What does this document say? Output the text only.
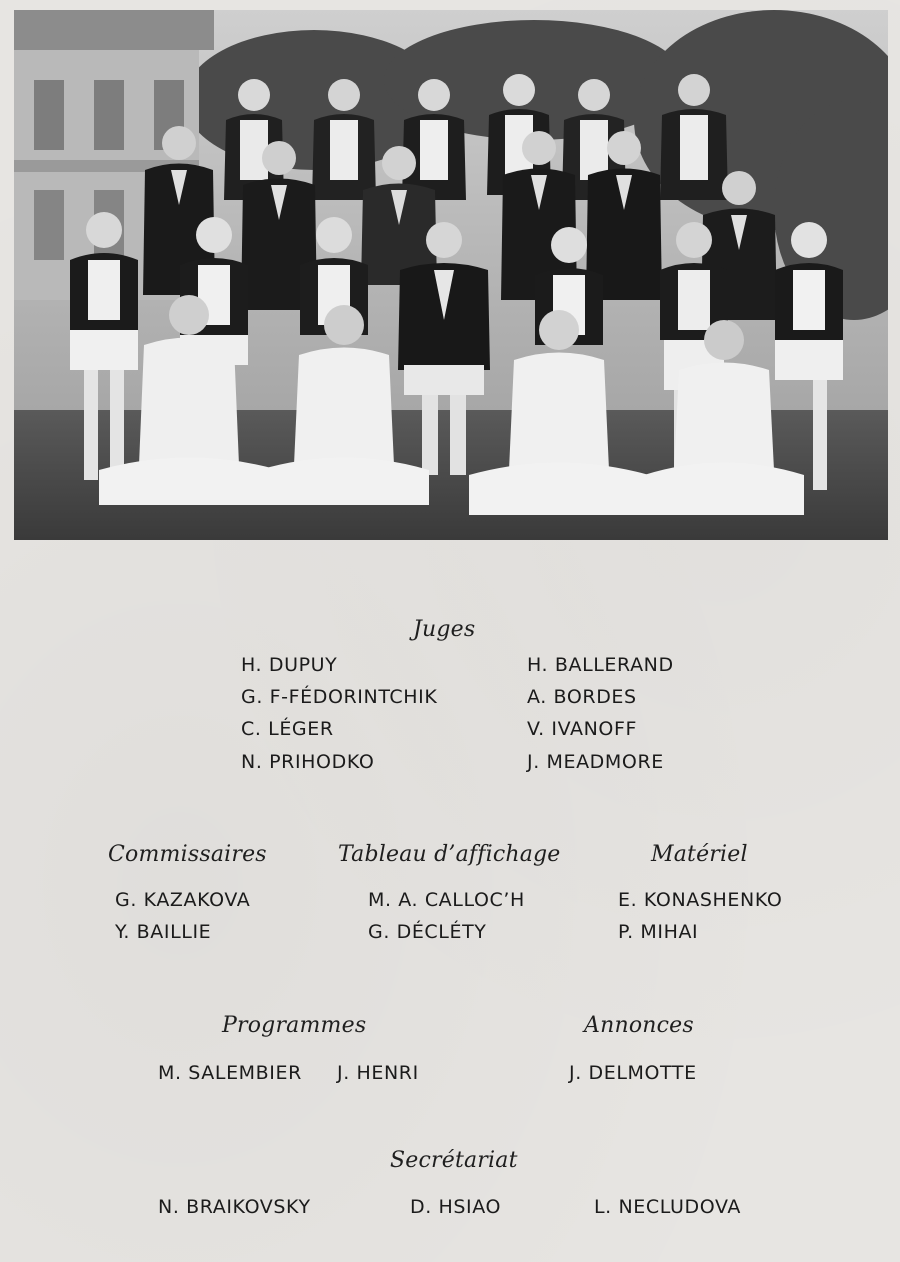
Juges
H. DUPUY
G. F-FÉDORINTCHIK
C. LÉGER
N. PRIHODKO
H. BALLERAND
A. BORDES
V. IVANOFF
J. MEADMORE
Commissaires
G. KAZAKOVA
Y. BAILLIE
Tableau d’affichage
M. A. CALLOC’H
G. DÉCLÉTY
Matériel
E. KONASHENKO
P. MIHAI
Programmes
M. SALEMBIER J. HENRI
Annonces
J. DELMOTTE
Secrétariat
N. BRAIKOVSKY	D. HSIAO	L. NECLUDOVA
